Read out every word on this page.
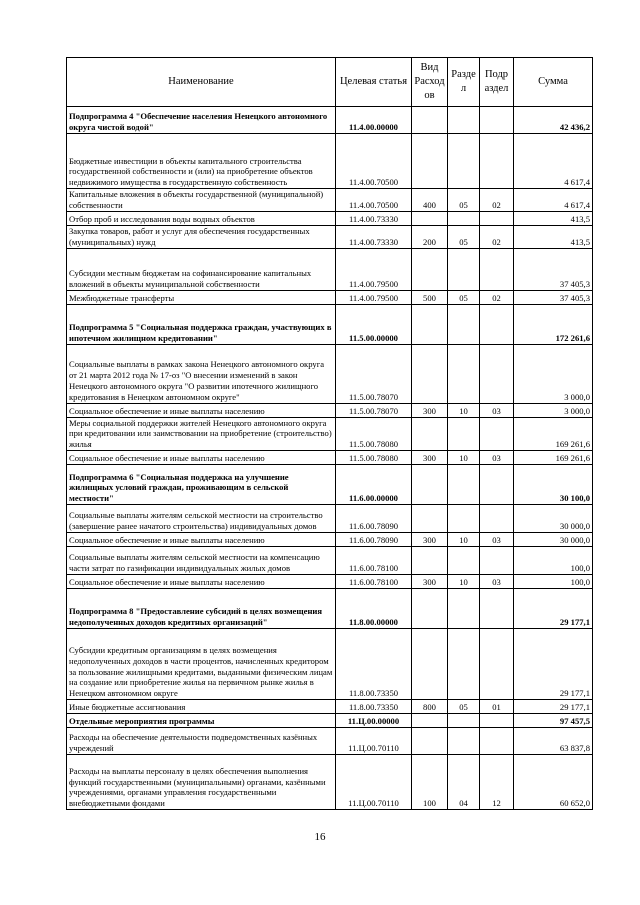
Наименование	Целевая статья	Вид Расход ов	Разде л	Подр аздел	Сумма
Подпрограмма 4 "Обеспечение населения Ненецкого автономного округа чистой водой"	11.4.00.00000				42 436,2
Бюджетные инвестиции в объекты капитального строительства государственной собственности и (или) на приобретение объектов недвижимого имущества в государственную собственность	11.4.00.70500				4 617,4
Капитальные вложения в объекты государственной (муниципальной) собственности	11.4.00.70500	400	05	02	4 617,4
Отбор проб и исследования воды водных объектов	11.4.00.73330				413,5
Закупка товаров, работ и услуг для обеспечения государственных (муниципальных) нужд	11.4.00.73330	200	05	02	413,5
Субсидии местным бюджетам на софинансирование капитальных вложений в объекты муниципальной собственности	11.4.00.79500				37 405,3
Межбюджетные трансферты	11.4.00.79500	500	05	02	37 405,3
Подпрограмма 5 "Социальная поддержка граждан, участвующих в ипотечном жилищном кредитовании"	11.5.00.00000				172 261,6
Социальные выплаты в рамках закона Ненецкого автономного округа от 21 марта 2012 года № 17-оз "О внесении изменений в закон Ненецкого автономного округа "О развитии ипотечного жилищного кредитования в Ненецком автономном округе"	11.5.00.78070				3 000,0
Социальное обеспечение и иные выплаты населению	11.5.00.78070	300	10	03	3 000,0
Меры социальной поддержки жителей Ненецкого автономного округа при кредитовании или заимствовании на приобретение (строительство) жилья	11.5.00.78080				169 261,6
Социальное обеспечение и иные выплаты населению	11.5.00.78080	300	10	03	169 261,6
Подпрограмма 6 "Социальная поддержка на улучшение жилищных условий граждан, проживающим в сельской местности"	11.6.00.00000				30 100,0
Социальные выплаты жителям сельской местности на строительство (завершение ранее начатого строительства) индивидуальных домов	11.6.00.78090				30 000,0
Социальное обеспечение и иные выплаты населению	11.6.00.78090	300	10	03	30 000,0
Социальные выплаты жителям сельской местности на компенсацию части затрат по газификации индивидуальных жилых домов	11.6.00.78100				100,0
Социальное обеспечение и иные выплаты населению	11.6.00.78100	300	10	03	100,0
Подпрограмма 8 "Предоставление субсидий в целях возмещения недополученных доходов кредитных организаций"	11.8.00.00000				29 177,1
Субсидии кредитным организациям в целях возмещения недополученных доходов в части процентов, начисленных кредитором за пользование жилищными кредитами, выданными физическим лицам на создание или приобретение жилья на первичном рынке жилья в Ненецком автономном округе	11.8.00.73350				29 177,1
Иные бюджетные ассигнования	11.8.00.73350	800	05	01	29 177,1
Отдельные мероприятия программы	11.Ц.00.00000				97 457,5
Расходы на обеспечение деятельности подведомственных казённых учреждений	11.Ц.00.70110				63 837,8
Расходы на выплаты персоналу в целях обеспечения выполнения функций государственными (муниципальными) органами, казёнными учреждениями, органами управления государственными внебюджетными фондами	11.Ц.00.70110	100	04	12	60 652,0
16
